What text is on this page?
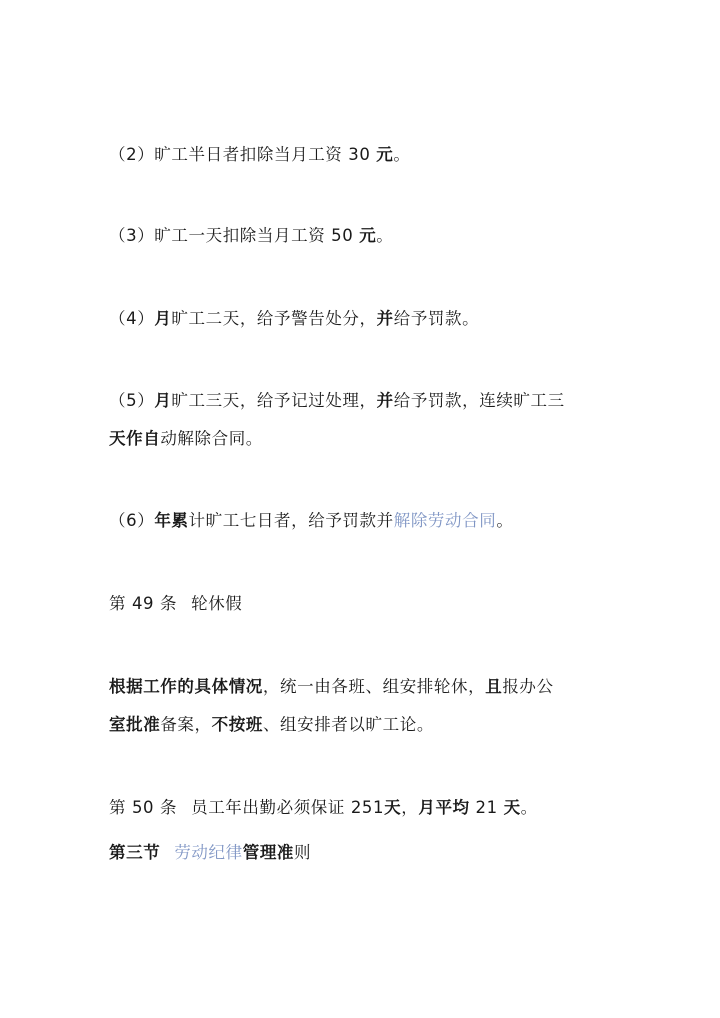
（2）旷工半日者扣除当月工资 30 元。
（3）旷工一天扣除当月工资 50 元。
（4）月旷工二天，给予警告处分，并给予罚款。
（5）月旷工三天，给予记过处理，并给予罚款，连续旷工三
天作自动解除合同。
（6）年累计旷工七日者，给予罚款并解除劳动合同。
第 49 条 轮休假
根据工作的具体情况，统一由各班、组安排轮休，且报办公
室批准备案，不按班、组安排者以旷工论。
第 50 条 员工年出勤必须保证 251天，月平均 21 天。
第三节 劳动纪律管理准则
